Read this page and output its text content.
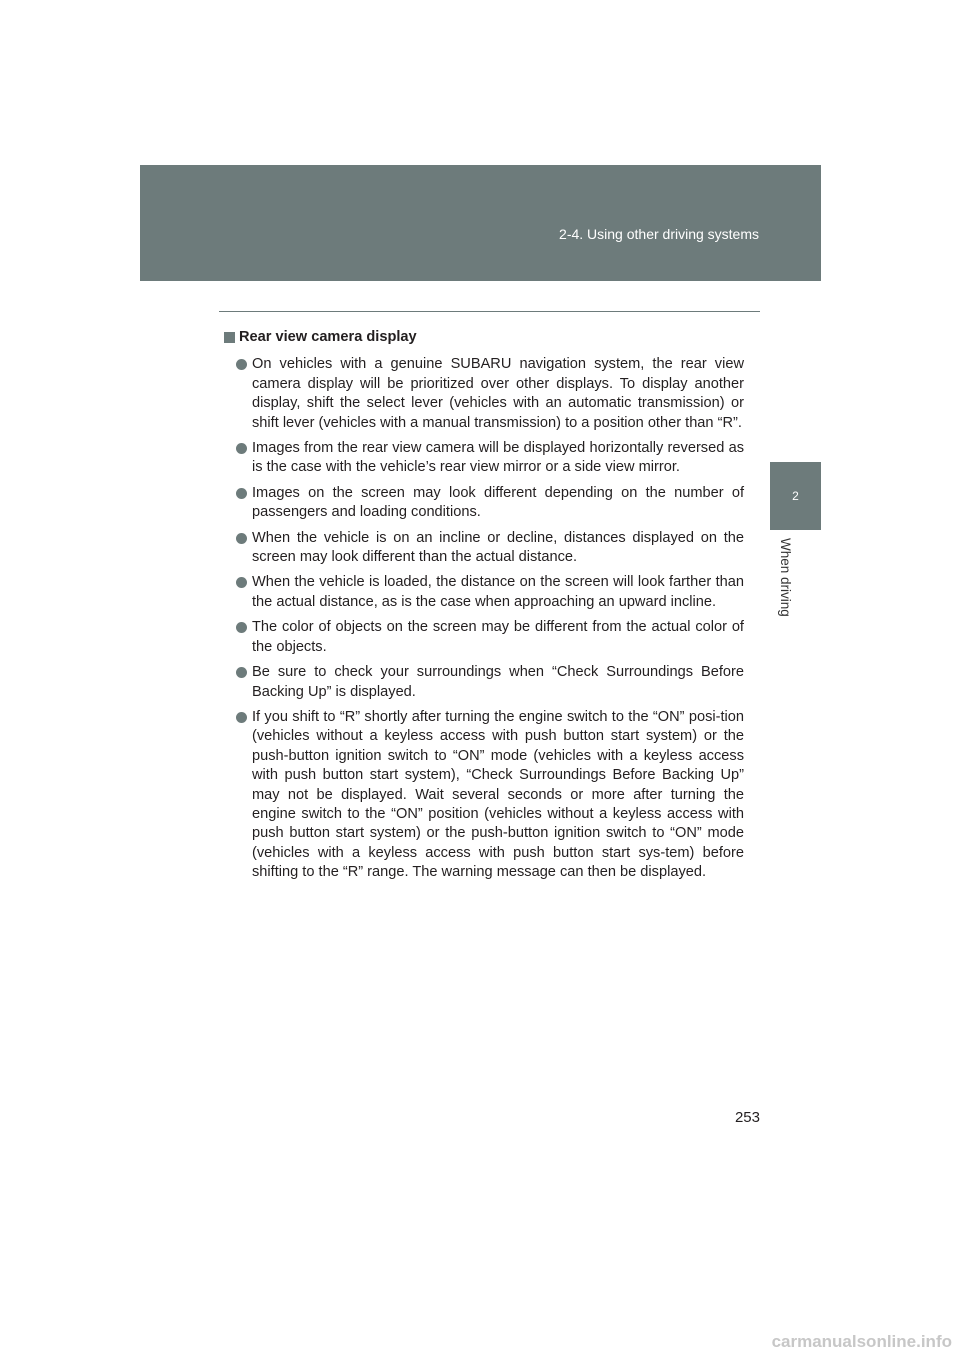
2-4. Using other driving systems
2
When driving
Rear view camera display
On vehicles with a genuine SUBARU navigation system, the rear view camera display will be prioritized over other displays. To display another display, shift the select lever (vehicles with an automatic transmission) or shift lever (vehicles with a manual transmission) to a position other than “R”.
Images from the rear view camera will be displayed horizontally reversed as is the case with the vehicle’s rear view mirror or a side view mirror.
Images on the screen may look different depending on the number of passengers and loading conditions.
When the vehicle is on an incline or decline, distances displayed on the screen may look different than the actual distance.
When the vehicle is loaded, the distance on the screen will look farther than the actual distance, as is the case when approaching an upward incline.
The color of objects on the screen may be different from the actual color of the objects.
Be sure to check your surroundings when “Check Surroundings Before Backing Up” is displayed.
If you shift to “R” shortly after turning the engine switch to the “ON” posi-tion (vehicles without a keyless access with push button start system) or the push-button ignition switch to “ON” mode (vehicles with a keyless access with push button start system), “Check Surroundings Before Backing Up” may not be displayed. Wait several seconds or more after turning the engine switch to the “ON” position (vehicles without a keyless access with push button start system) or the push-button ignition switch to “ON” mode (vehicles with a keyless access with push button start sys-tem) before shifting to the “R” range. The warning message can then be displayed.
253
carmanualsonline.info
